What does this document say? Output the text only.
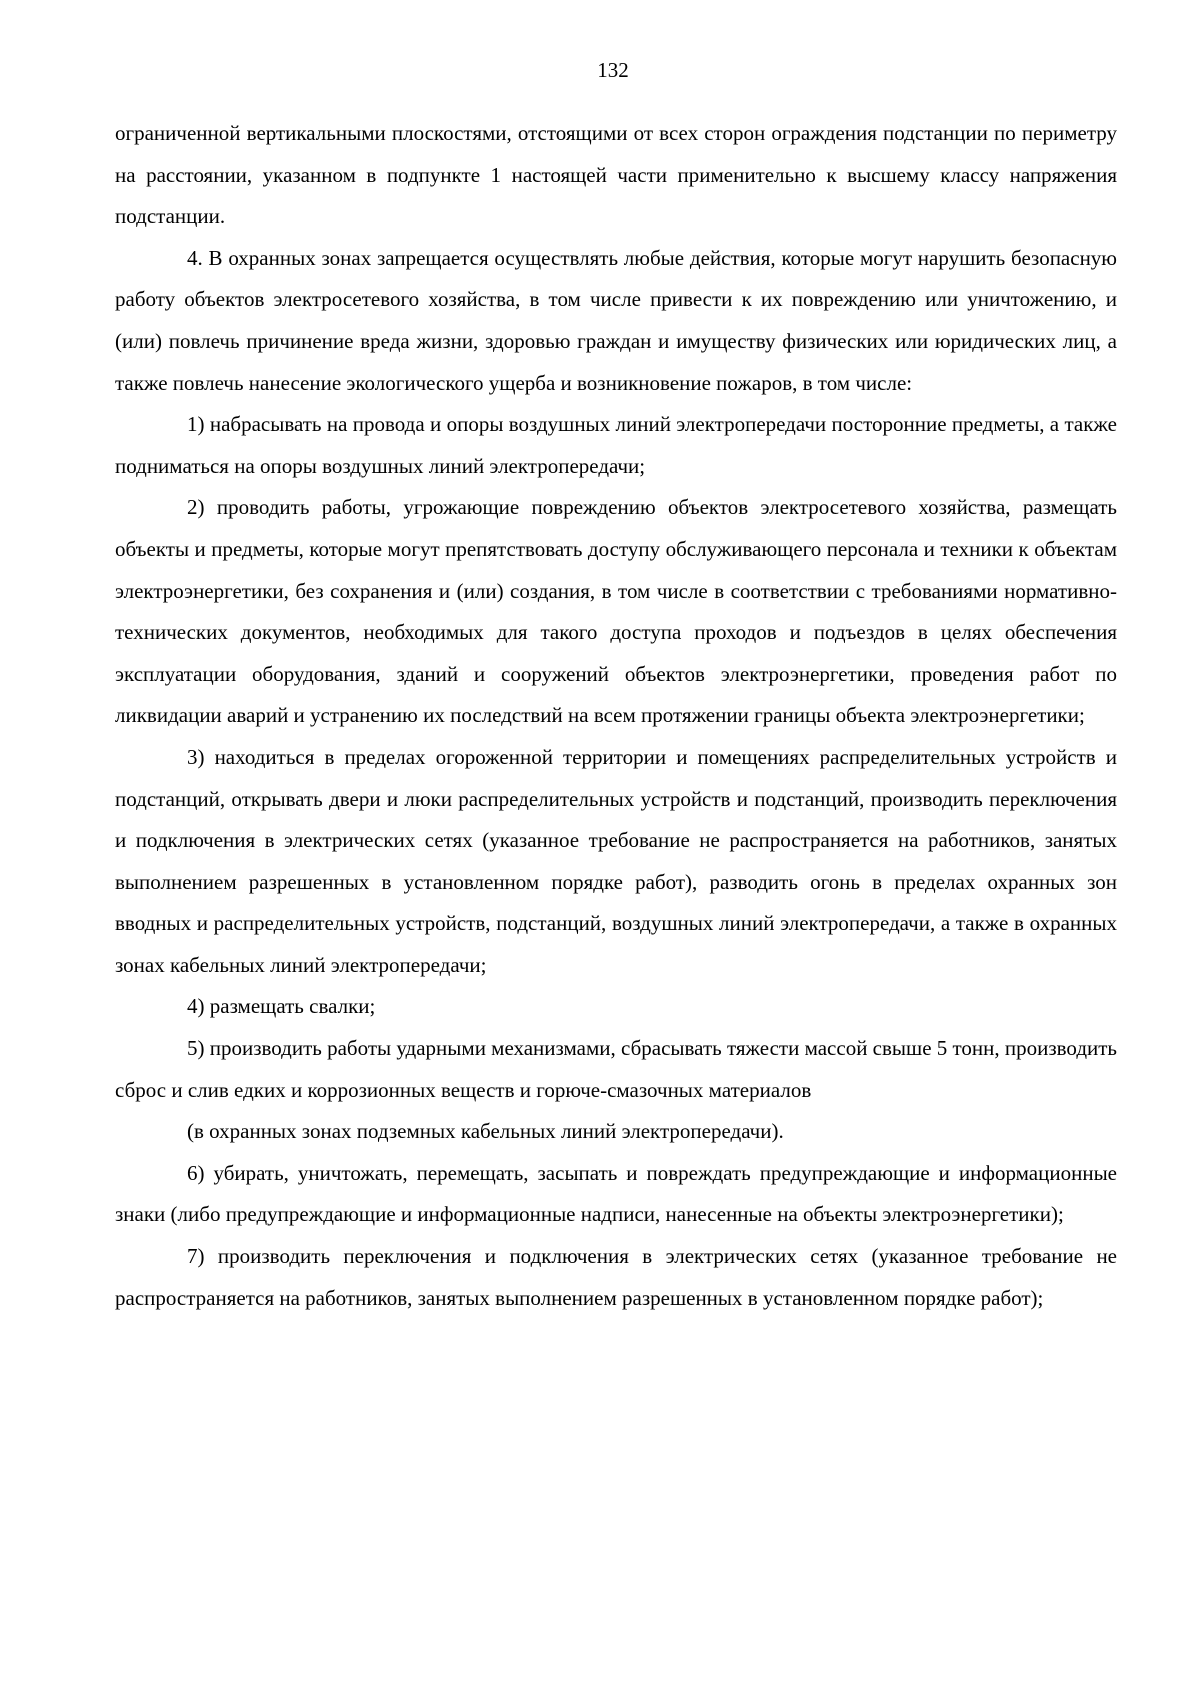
132

ограниченной вертикальными плоскостями, отстоящими от всех сторон ограждения подстанции по периметру на расстоянии, указанном в подпункте 1 настоящей части применительно к высшему классу напряжения подстанции.

4. В охранных зонах запрещается осуществлять любые действия, которые могут нарушить безопасную работу объектов электросетевого хозяйства, в том числе привести к их повреждению или уничтожению, и (или) повлечь причинение вреда жизни, здоровью граждан и имуществу физических или юридических лиц, а также повлечь нанесение экологического ущерба и возникновение пожаров, в том числе:

1) набрасывать на провода и опоры воздушных линий электропередачи посторонние предметы, а также подниматься на опоры воздушных линий электропередачи;

2) проводить работы, угрожающие повреждению объектов электросетевого хозяйства, размещать объекты и предметы, которые могут препятствовать доступу обслуживающего персонала и техники к объектам электроэнергетики, без сохранения и (или) создания, в том числе в соответствии с требованиями нормативно-технических документов, необходимых для такого доступа проходов и подъездов в целях обеспечения эксплуатации оборудования, зданий и сооружений объектов электроэнергетики, проведения работ по ликвидации аварий и устранению их последствий на всем протяжении границы объекта электроэнергетики;

3) находиться в пределах огороженной территории и помещениях распределительных устройств и подстанций, открывать двери и люки распределительных устройств и подстанций, производить переключения и подключения в электрических сетях (указанное требование не распространяется на работников, занятых выполнением разрешенных в установленном порядке работ), разводить огонь в пределах охранных зон вводных и распределительных устройств, подстанций, воздушных линий электропередачи, а также в охранных зонах кабельных линий электропередачи;

4) размещать свалки;

5) производить работы ударными механизмами, сбрасывать тяжести массой свыше 5 тонн, производить сброс и слив едких и коррозионных веществ и горюче-смазочных материалов

(в охранных зонах подземных кабельных линий электропередачи).

6) убирать, уничтожать, перемещать, засыпать и повреждать предупреждающие и информационные знаки (либо предупреждающие и информационные надписи, нанесенные на объекты электроэнергетики);

7) производить переключения и подключения в электрических сетях (указанное требование не распространяется на работников, занятых выполнением разрешенных в установленном порядке работ);
